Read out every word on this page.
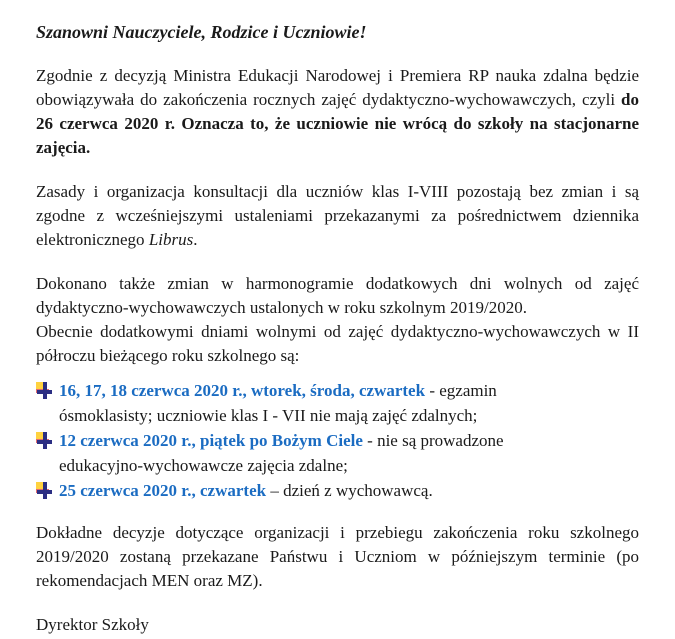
Szanowni Nauczyciele, Rodzice i Uczniowie!

Zgodnie z decyzją Ministra Edukacji Narodowej i Premiera RP nauka zdalna będzie obowiązywała do zakończenia rocznych zajęć dydaktyczno-wychowawczych, czyli do 26 czerwca 2020 r. Oznacza to, że uczniowie nie wrócą do szkoły na stacjonarne zajęcia.

Zasady i organizacja konsultacji dla uczniów klas I-VIII pozostają bez zmian i są zgodne z wcześniejszymi ustaleniami przekazanymi za pośrednictwem dziennika elektronicznego Librus.

Dokonano także zmian w harmonogramie dodatkowych dni wolnych od zajęć dydaktyczno-wychowawczych ustalonych w roku szkolnym 2019/2020.

Obecnie dodatkowymi dniami wolnymi od zajęć dydaktyczno-wychowawczych w II półroczu bieżącego roku szkolnego są:

16, 17, 18 czerwca 2020 r., wtorek, środa, czwartek - egzamin
ósmoklasisty; uczniowie klas I - VII nie mają zajęć zdalnych;
12 czerwca 2020 r., piątek po Bożym Ciele - nie są prowadzone
edukacyjno-wychowawcze zajęcia zdalne;
25 czerwca 2020 r., czwartek – dzień z wychowawcą.

Dokładne decyzje dotyczące organizacji i przebiegu zakończenia roku szkolnego 2019/2020 zostaną przekazane Państwu i Uczniom w późniejszym terminie (po rekomendacjach MEN oraz MZ).

Dyrektor Szkoły
